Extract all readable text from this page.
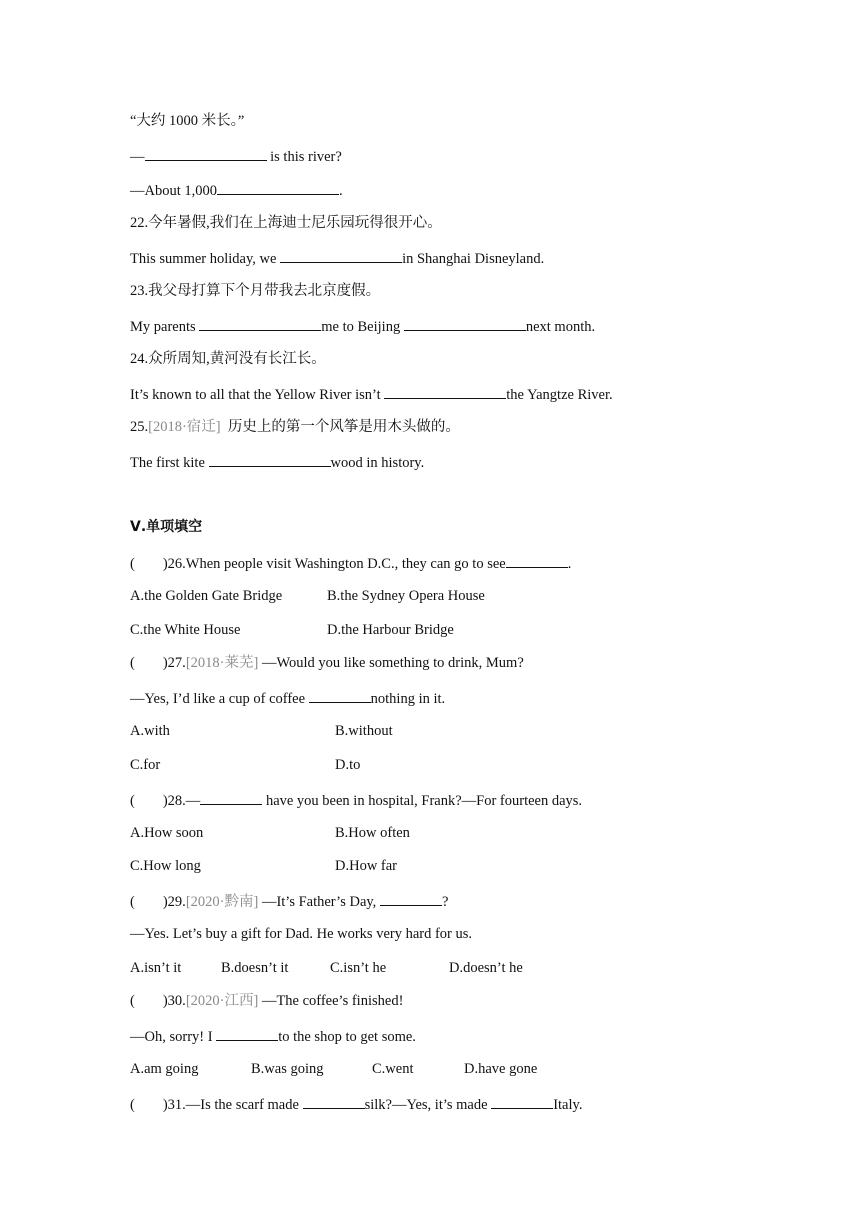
“大约 1000 米长。”
—	is this river?
—About 1,000	.
22.今年暑假,我们在上海迪士尼乐园玩得很开心。
This summer holiday, we	in Shanghai Disneyland.
23.我父母打算下个月带我去北京度假。
My parents	me to Beijing	next month.
24.众所周知,黄河没有长江长。
It’s known to all that the Yellow River isn’t	the Yangtze River.
25.[2018·宿迁] 历史上的第一个风筝是用木头做的。
The first kite	wood in history.
Ⅴ.单项填空
( )26.When people visit Washington D.C., they can go to see	.
A.the Golden Gate Bridge	B.the Sydney Opera House
C.the White House	D.the Harbour Bridge
( )27.[2018·莱芜] —Would you like something to drink, Mum?
—Yes, I’d like a cup of coffee	nothing in it.
A.with	B.without
C.for	D.to
( )28.—	have you been in hospital, Frank?—For fourteen days.
A.How soon	B.How often
C.How long	D.How far
( )29.[2020·黔南] —It’s Father’s Day,	?
—Yes. Let’s buy a gift for Dad. He works very hard for us.
A.isn’t it	B.doesn’t it	C.isn’t he	D.doesn’t he
( )30.[2020·江西] —The coffee’s finished!
—Oh, sorry! I	to the shop to get some.
A.am going	B.was going	C.went	D.have gone
( )31.—Is the scarf made	silk?—Yes, it’s made	Italy.
